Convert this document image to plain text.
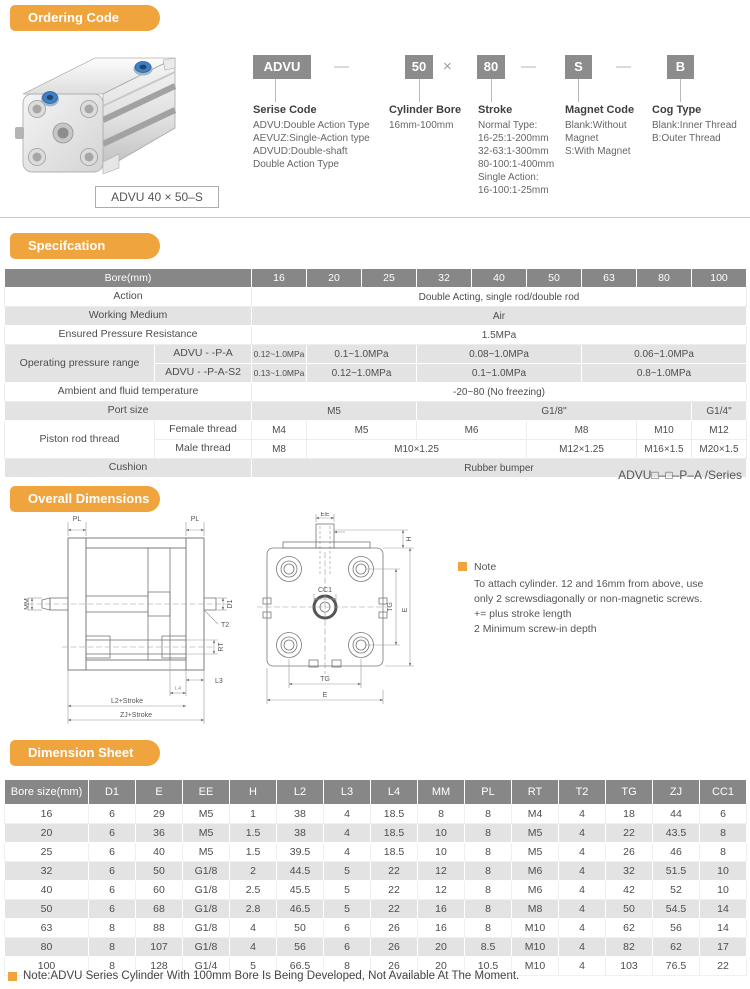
Ordering Code
ADVU 40 × 50–S
ADVU	—	50	×	80	—	S	—	B
Serise Code
ADVU:Double Action Type
AEVUZ:Single-Action type
ADVUD:Double-shaft
Double Action Type
Cylinder Bore
16mm-100mm
Stroke
Normal Type:
16-25:1-200mm
32-63:1-300mm
80-100:1-400mm
Single Action:
16-100:1-25mm
Magnet Code
Blank:Without
Magnet
S:With Magnet
Cog Type
Blank:Inner Thread
B:Outer Thread
Specifcation
Bore(mm)		16	20	25	32	40	50	63	80	100
Action		Double Acting, single rod/double rod								
Working Medium		Air								
Ensured Pressure Resistance		1.5MPa								
Operating pressure range	ADVU - -P-A	0.12~1.0MPa	0.1~1.0MPa		0.08~1.0MPa			0.06~1.0MPa		
	ADVU - -P-A-S2	0.13~1.0MPa	0.12~1.0MPa		0.1~1.0MPa			0.8~1.0MPa		
Ambient and fluid temperature		-20~80 (No freezing)								
Port size		M5			G1/8"					G1/4"
Piston rod thread	Female thread	M4	M5		M6		M8		M10	M12
	Male thread	M8	M10×1.25				M12×1.25		M16×1.5	M20×1.5
Cushion		Rubber bumper									ADVU□–□–P–A /Series
Overall Dimensions
PL	PL
MM	D1
T2
RT
L3
L4
L2+Stroke
ZJ+Stroke
EE
CC1
H
TG E
TG
E
Note
To attach cylinder. 12 and 16mm from above, use
only 2 screwsdiagonally or non-magnetic screws.
+= plus stroke length
2 Minimum screw-in depth
Dimension Sheet
Bore size(mm)	D1	E	EE	H	L2	L3	L4	MM	PL	RT	T2	TG	ZJ	CC1
16	6	29	M5	1	38	4	18.5	8	8	M4	4	18	44	6
20	6	36	M5	1.5	38	4	18.5	10	8	M5	4	22	43.5	8
25	6	40	M5	1.5	39.5	4	18.5	10	8	M5	4	26	46	8
32	6	50	G1/8	2	44.5	5	22	12	8	M6	4	32	51.5	10
40	6	60	G1/8	2.5	45.5	5	22	12	8	M6	4	42	52	10
50	6	68	G1/8	2.8	46.5	5	22	16	8	M8	4	50	54.5	14
63	8	88	G1/8	4	50	6	26	16	8	M10	4	62	56	14
80	8	107	G1/8	4	56	6	26	20	8.5	M10	4	82	62	17
100	8	128	G1/4	5	66.5	8	26	20	10.5	M10	4	103	76.5	22
Note:ADVU Series Cylinder With 100mm Bore Is Being Developed, Not Available At The Moment.
